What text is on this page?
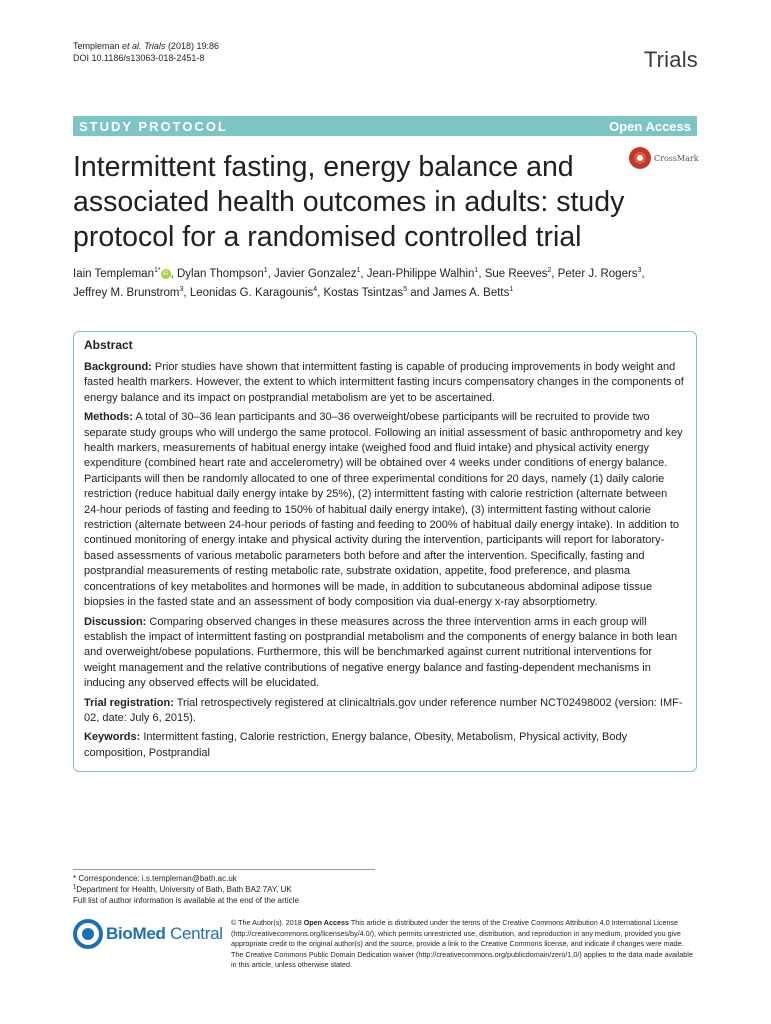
Templeman et al. Trials (2018) 19:86
DOI 10.1186/s13063-018-2451-8	Trials
STUDY PROTOCOL	Open Access
CrossMark
Intermittent fasting, energy balance and associated health outcomes in adults: study protocol for a randomised controlled trial
Iain Templeman$^{1*}$ iD , Dylan Thompson$^1$, Javier Gonzalez$^1$, Jean-Philippe Walhin$^1$, Sue Reeves$^2$, Peter J. Rogers$^3$,
Jeffrey M. Brunstrom$^3$, Leonidas G. Karagounis$^4$, Kostas Tsintzas$^5$ and James A. Betts$^1$
Abstract

Background: Prior studies have shown that intermittent fasting is capable of producing improvements in body weight and fasted health markers. However, the extent to which intermittent fasting incurs compensatory changes in the components of energy balance and its impact on postprandial metabolism are yet to be ascertained.

Methods: A total of 30–36 lean participants and 30–36 overweight/obese participants will be recruited to provide two separate study groups who will undergo the same protocol. Following an initial assessment of basic anthropometry and key health markers, measurements of habitual energy intake (weighed food and fluid intake) and physical activity energy expenditure (combined heart rate and accelerometry) will be obtained over 4 weeks under conditions of energy balance. Participants will then be randomly allocated to one of three experimental conditions for 20 days, namely (1) daily calorie restriction (reduce habitual daily energy intake by 25%), (2) intermittent fasting with calorie restriction (alternate between 24-hour periods of fasting and feeding to 150% of habitual daily energy intake), (3) intermittent fasting without calorie restriction (alternate between 24-hour periods of fasting and feeding to 200% of habitual daily energy intake). In addition to continued monitoring of energy intake and physical activity during the intervention, participants will report for laboratory-based assessments of various metabolic parameters both before and after the intervention. Specifically, fasting and postprandial measurements of resting metabolic rate, substrate oxidation, appetite, food preference, and plasma concentrations of key metabolites and hormones will be made, in addition to subcutaneous abdominal adipose tissue biopsies in the fasted state and an assessment of body composition via dual-energy x-ray absorptiometry.

Discussion: Comparing observed changes in these measures across the three intervention arms in each group will establish the impact of intermittent fasting on postprandial metabolism and the components of energy balance in both lean and overweight/obese populations. Furthermore, this will be benchmarked against current nutritional interventions for weight management and the relative contributions of negative energy balance and fasting-dependent mechanisms in inducing any observed effects will be elucidated.

Trial registration: Trial retrospectively registered at clinicaltrials.gov under reference number NCT02498002 (version: IMF-02, date: July 6, 2015).

Keywords: Intermittent fasting, Calorie restriction, Energy balance, Obesity, Metabolism, Physical activity, Body composition, Postprandial

* Correspondence: i.s.templeman@bath.ac.uk
$^1$Department for Health, University of Bath, Bath BA2 7AY, UK
Full list of author information is available at the end of the article
BioMed Central
© The Author(s). 2018 Open Access This article is distributed under the terms of the Creative Commons Attribution 4.0 International License (http://creativecommons.org/licenses/by/4.0/), which permits unrestricted use, distribution, and reproduction in any medium, provided you give appropriate credit to the original author(s) and the source, provide a link to the Creative Commons license, and indicate if changes were made. The Creative Commons Public Domain Dedication waiver (http://creativecommons.org/publicdomain/zero/1.0/) applies to the data made available in this article, unless otherwise stated.
